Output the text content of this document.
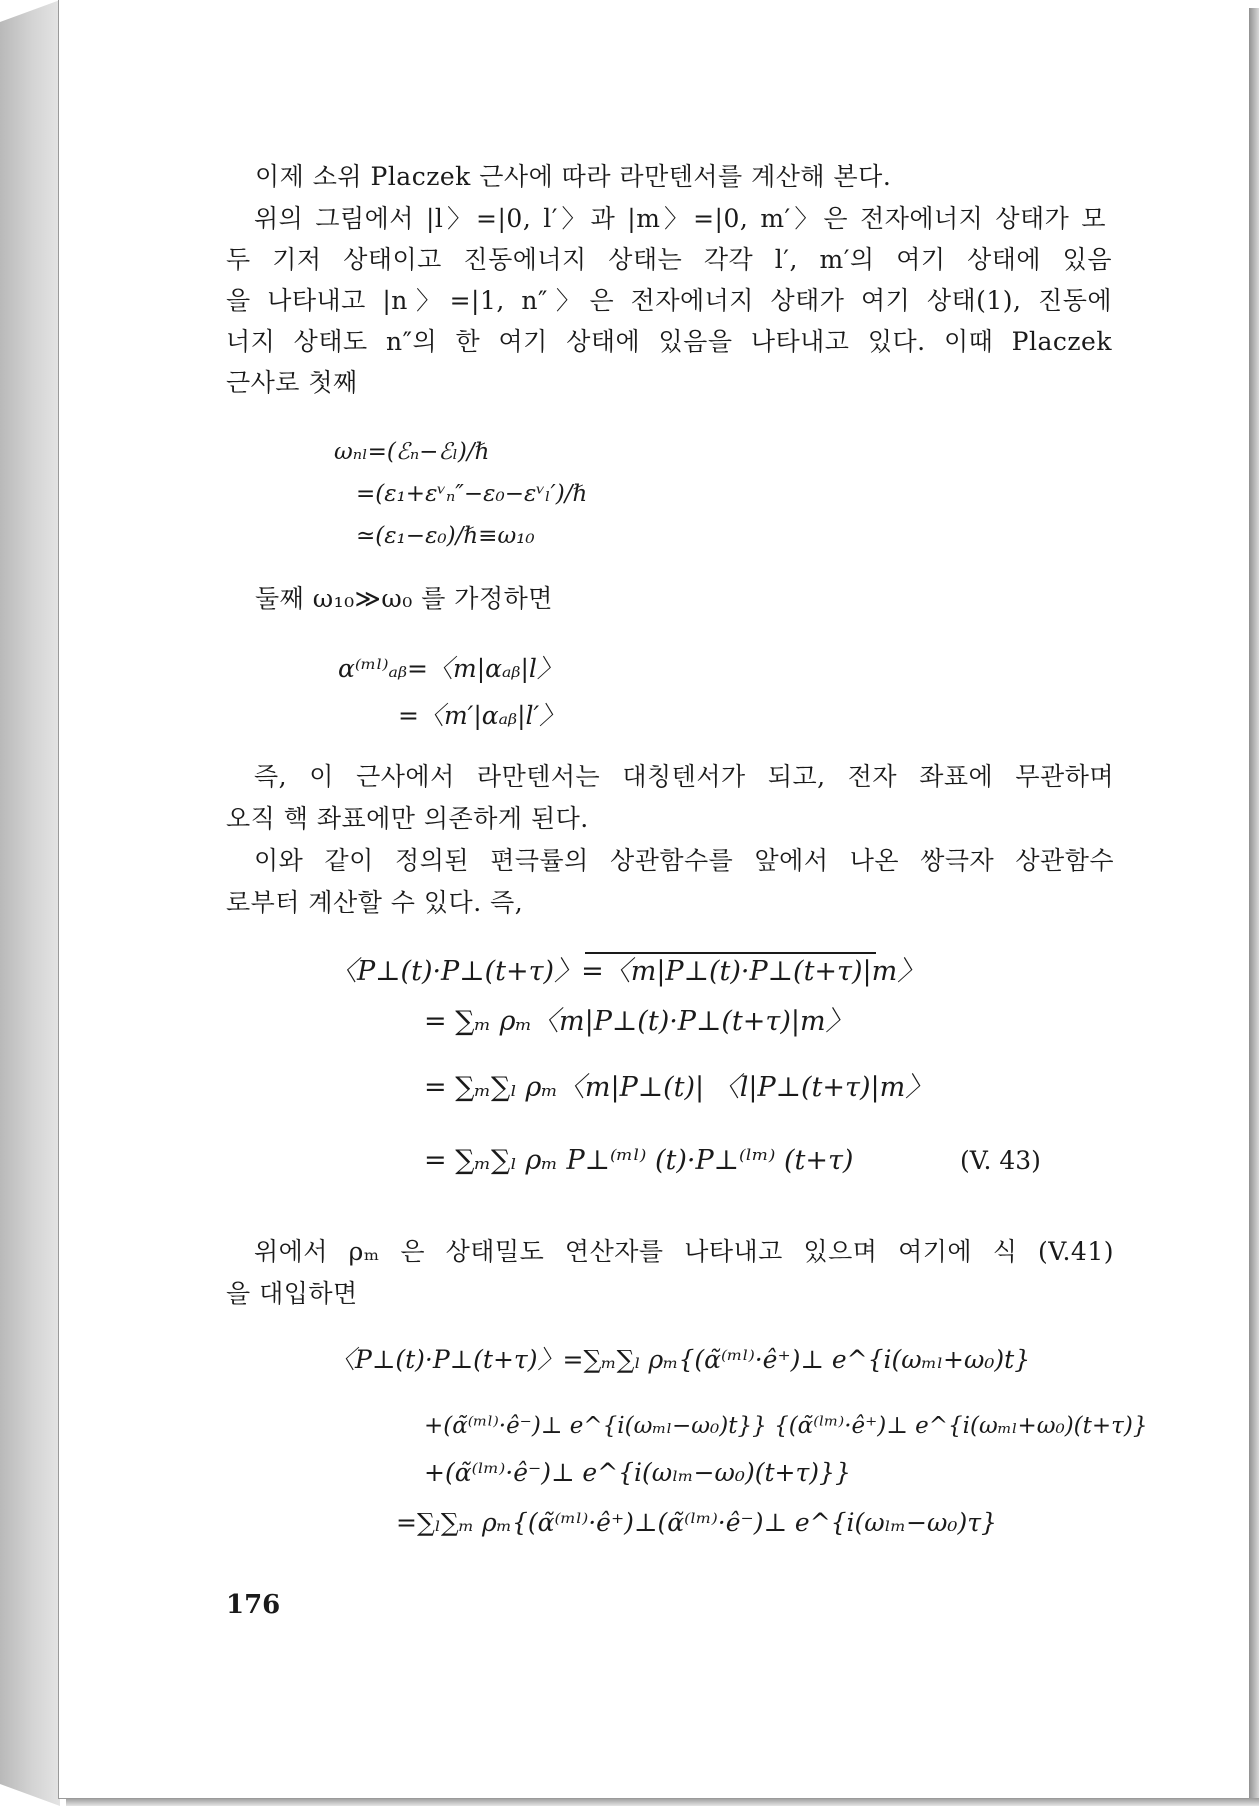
이제 소위 Placzek 근사에 따라 라만텐서를 계산해 본다.
위의 그림에서 |l〉=|0, l′〉과 |m〉=|0, m′〉은 전자에너지 상태가 모
두 기저 상태이고 진동에너지 상태는 각각 l′, m′의 여기 상태에 있음
을 나타내고 |n〉=|1, n″〉은 전자에너지 상태가 여기 상태(1), 진동에
너지 상태도 n″의 한 여기 상태에 있음을 나타내고 있다. 이때 Placzek
근사로 첫째
ωₙₗ=(ℰₙ−ℰₗ)/ℏ
=(ε₁+εᵛₙ″−ε₀−εᵛₗ′)/ℏ
≃(ε₁−ε₀)/ℏ≡ω₁₀
둘째 ω₁₀≫ω₀ 를 가정하면
α⁽ᵐˡ⁾ₐᵦ=〈m|αₐᵦ|l〉
=〈m′|αₐᵦ|l′〉
즉, 이 근사에서 라만텐서는 대칭텐서가 되고, 전자 좌표에 무관하며
오직 핵 좌표에만 의존하게 된다.
이와 같이 정의된 편극률의 상관함수를 앞에서 나온 쌍극자 상관함수
로부터 계산할 수 있다. 즉,
〈P⊥(t)·P⊥(t+τ)〉=〈m|P⊥(t)·P⊥(t+τ)|m〉
= ∑ₘ ρₘ〈m|P⊥(t)·P⊥(t+τ)|m〉
= ∑ₘ∑ₗ ρₘ〈m|P⊥(t)| 〈l|P⊥(t+τ)|m〉
= ∑ₘ∑ₗ ρₘ P⊥⁽ᵐˡ⁾ (t)·P⊥⁽ˡᵐ⁾ (t+τ)	(V. 43)
위에서 ρₘ 은 상태밀도 연산자를 나타내고 있으며 여기에 식 (V.41)
을 대입하면
〈P⊥(t)·P⊥(t+τ)〉=∑ₘ∑ₗ ρₘ{(α̃⁽ᵐˡ⁾·ê⁺)⊥ e^{i(ωₘₗ+ω₀)t}
+(α̃⁽ᵐˡ⁾·ê⁻)⊥ e^{i(ωₘₗ−ω₀)t}} {(α̃⁽ˡᵐ⁾·ê⁺)⊥ e^{i(ωₘₗ+ω₀)(t+τ)}
+(α̃⁽ˡᵐ⁾·ê⁻)⊥ e^{i(ωₗₘ−ω₀)(t+τ)}}
=∑ₗ∑ₘ ρₘ{(α̃⁽ᵐˡ⁾·ê⁺)⊥(α̃⁽ˡᵐ⁾·ê⁻)⊥ e^{i(ωₗₘ−ω₀)τ}
176
